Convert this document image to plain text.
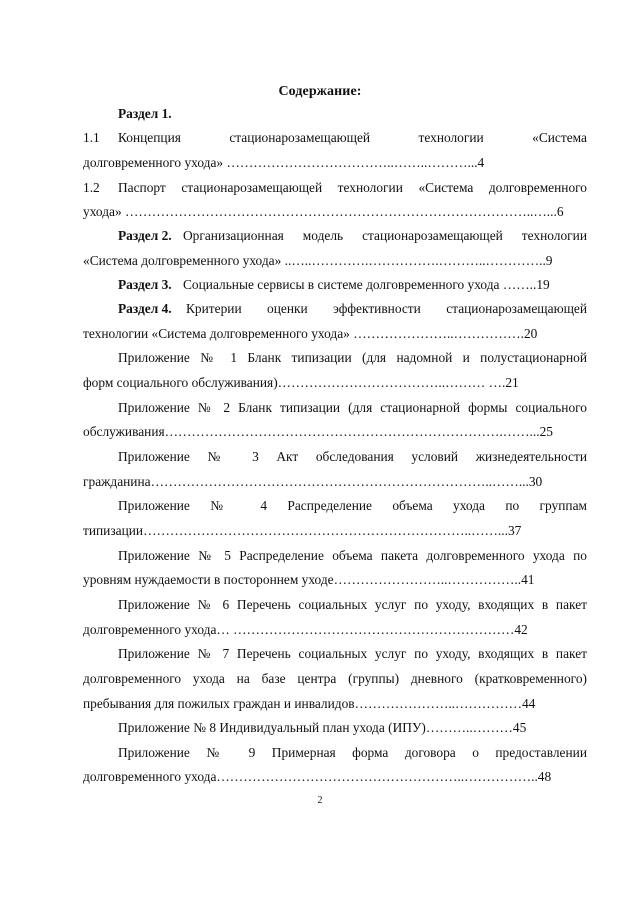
Содержание:
Раздел 1.
1.1 Концепция стационарозамещающей технологии «Система
долговременного ухода» ………………………………..……..………...4
1.2 Паспорт стационарозамещающей технологии «Система долговременного
ухода» ………………………………………………………………………………..…...6
Раздел 2. Организационная модель стационарозамещающей технологии
«Система долговременного ухода» ..…..………….…………….………..…………..9
Раздел 3. Социальные сервисы в системе долговременного ухода ……..19
Раздел 4. Критерии оценки эффективности стационарозамещающей
технологии «Система долговременного ухода» …………………..…………….20
Приложение № 1 Бланк типизации (для надомной и полустационарной
форм социального обслуживания)………………………………..……… ….21
Приложение № 2 Бланк типизации (для стационарной формы социального
обслуживания………………………………………………………………….……...25
Приложение № 3 Акт обследования условий жизнедеятельности
гражданина…………………………………………………………………..……...30
Приложение № 4 Распределение объема ухода по группам
типизации………………………………………………………………..……...37
Приложение № 5 Распределение объема пакета долговременного ухода по
уровням нуждаемости в постороннем уходе……………………..……………..41
Приложение № 6 Перечень социальных услуг по уходу, входящих в пакет
долговременного ухода… ………………………………………………………42
Приложение № 7 Перечень социальных услуг по уходу, входящих в пакет
долговременного ухода на базе центра (группы) дневного (кратковременного)
пребывания для пожилых граждан и инвалидов…………………..……………44
Приложение № 8 Индивидуальный план ухода (ИПУ)………..………45
Приложение № 9 Примерная форма договора о предоставлении
долговременного ухода………………………………………………..……………..48
2
